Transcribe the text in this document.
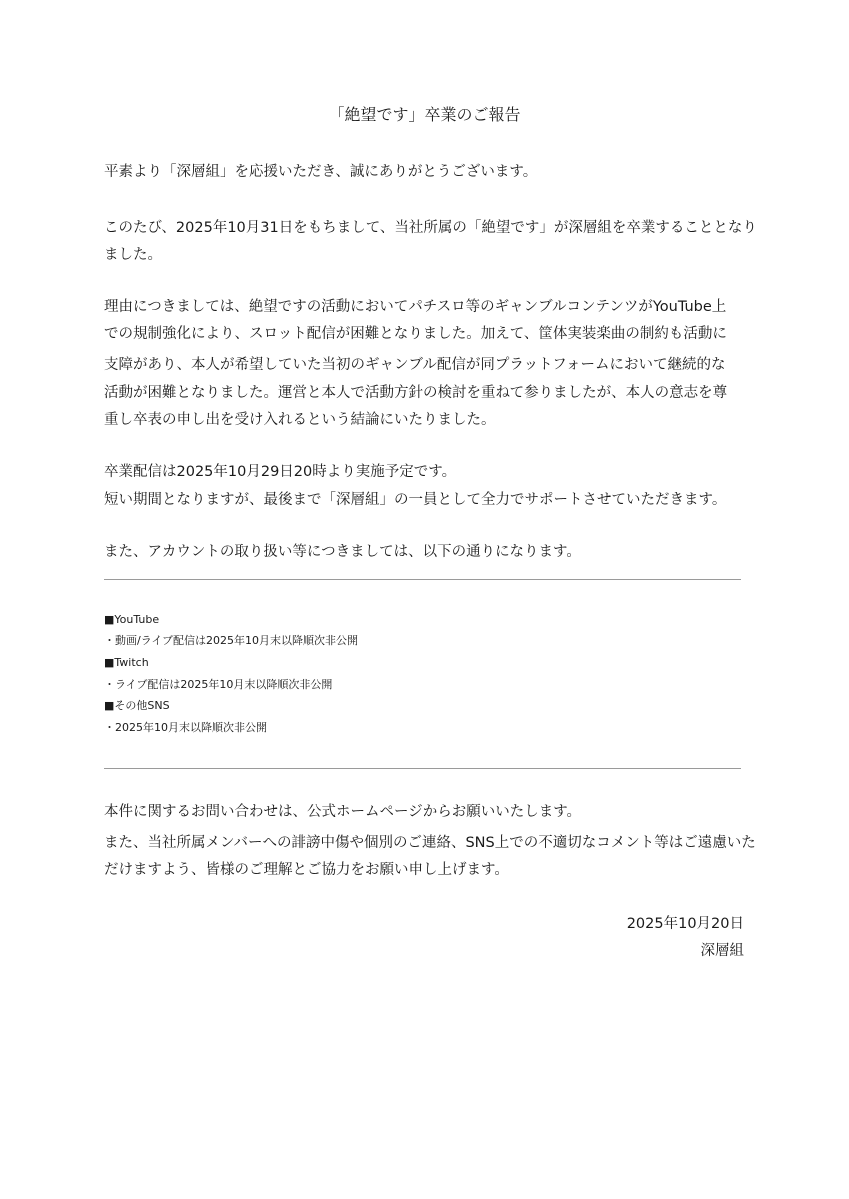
「絶望です」卒業のご報告
平素より「深層組」を応援いただき、誠にありがとうございます。
このたび、2025年10月31日をもちまして、当社所属の「絶望です」が深層組を卒業することとなり
ました。
理由につきましては、絶望ですの活動においてパチスロ等のギャンブルコンテンツがYouTube上
での規制強化により、スロット配信が困難となりました。加えて、筐体実装楽曲の制約も活動に
支障があり、本人が希望していた当初のギャンブル配信が同プラットフォームにおいて継続的な
活動が困難となりました。運営と本人で活動方針の検討を重ねて参りましたが、本人の意志を尊
重し卒表の申し出を受け入れるという結論にいたりました。
卒業配信は2025年10月29日20時より実施予定です。
短い期間となりますが、最後まで「深層組」の一員として全力でサポートさせていただきます。
また、アカウントの取り扱い等につきましては、以下の通りになります。
■YouTube
・動画/ライブ配信は2025年10月末以降順次非公開
■Twitch
・ライブ配信は2025年10月末以降順次非公開
■その他SNS
・2025年10月末以降順次非公開
本件に関するお問い合わせは、公式ホームページからお願いいたします。
また、当社所属メンバーへの誹謗中傷や個別のご連絡、SNS上での不適切なコメント等はご遠慮いた
だけますよう、皆様のご理解とご協力をお願い申し上げます。
2025年10月20日
深層組
